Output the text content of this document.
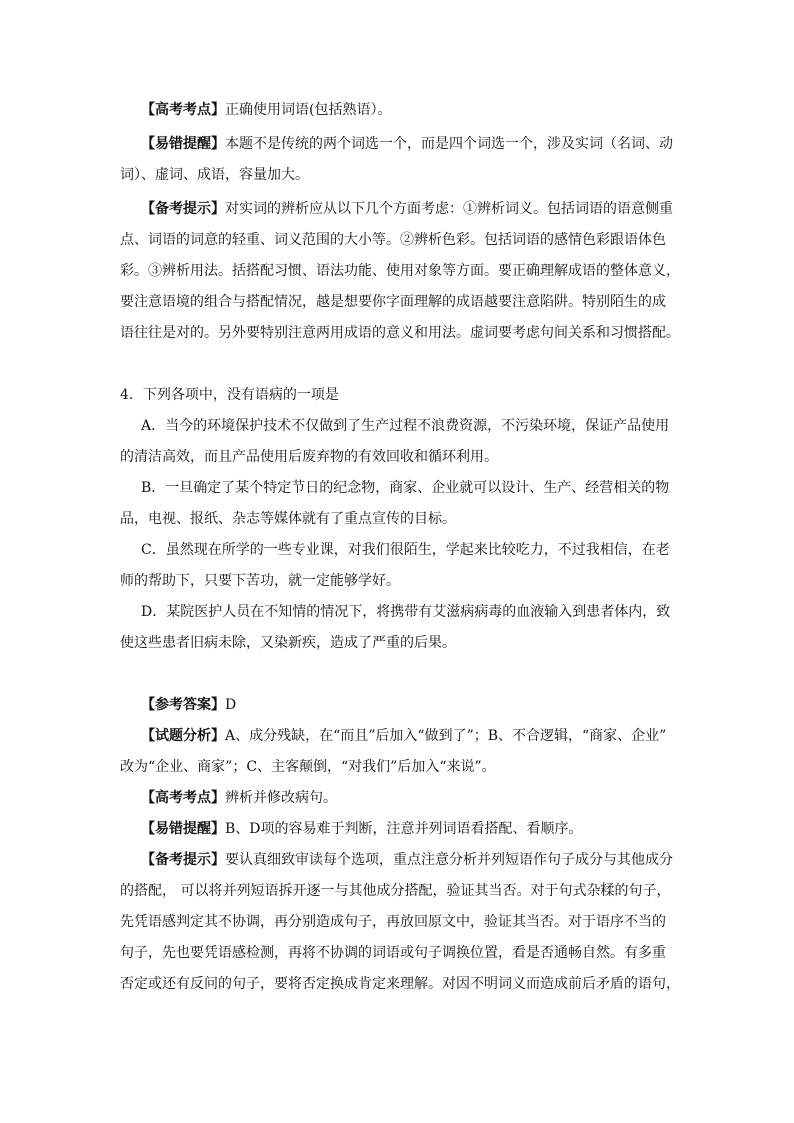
【高考考点】正确使用词语(包括熟语）。
【易错提醒】本题不是传统的两个词选一个，而是四个词选一个，涉及实词（名词、动
词）、虚词、成语，容量加大。
【备考提示】对实词的辨析应从以下几个方面考虑：①辨析词义。包括词语的语意侧重
点、词语的词意的轻重、词义范围的大小等。②辨析色彩。包括词语的感情色彩跟语体色
彩。③辨析用法。括搭配习惯、语法功能、使用对象等方面。要正确理解成语的整体意义，
要注意语境的组合与搭配情况，越是想要你字面理解的成语越要注意陷阱。特别陌生的成
语往往是对的。另外要特别注意两用成语的意义和用法。虚词要考虑句间关系和习惯搭配。
4．下列各项中，没有语病的一项是
A．当今的环境保护技术不仅做到了生产过程不浪费资源，不污染环境，保证产品使用
的清洁高效，而且产品使用后废弃物的有效回收和循环利用。
B．一旦确定了某个特定节日的纪念物，商家、企业就可以设计、生产、经营相关的物
品，电视、报纸、杂志等媒体就有了重点宣传的目标。
C．虽然现在所学的一些专业课，对我们很陌生，学起来比较吃力，不过我相信，在老
师的帮助下，只要下苦功，就一定能够学好。
D．某院医护人员在不知情的情况下，将携带有艾滋病病毒的血液输入到患者体内，致
使这些患者旧病未除，又染新疾，造成了严重的后果。
【参考答案】D
【试题分析】A、成分残缺，在“而且”后加入“做到了”；B、不合逻辑，“商家、企业”
改为“企业、商家”；C、主客颠倒，“对我们”后加入“来说”。
【高考考点】辨析并修改病句。
【易错提醒】B、D项的容易难于判断，注意并列词语看搭配、看顺序。
【备考提示】要认真细致审读每个选项，重点注意分析并列短语作句子成分与其他成分
的搭配， 可以将并列短语拆开逐一与其他成分搭配，验证其当否。对于句式杂糅的句子，
先凭语感判定其不协调，再分别造成句子，再放回原文中，验证其当否。对于语序不当的
句子，先也要凭语感检测，再将不协调的词语或句子调换位置，看是否通畅自然。有多重
否定或还有反问的句子，要将否定换成肯定来理解。对因不明词义而造成前后矛盾的语句，
